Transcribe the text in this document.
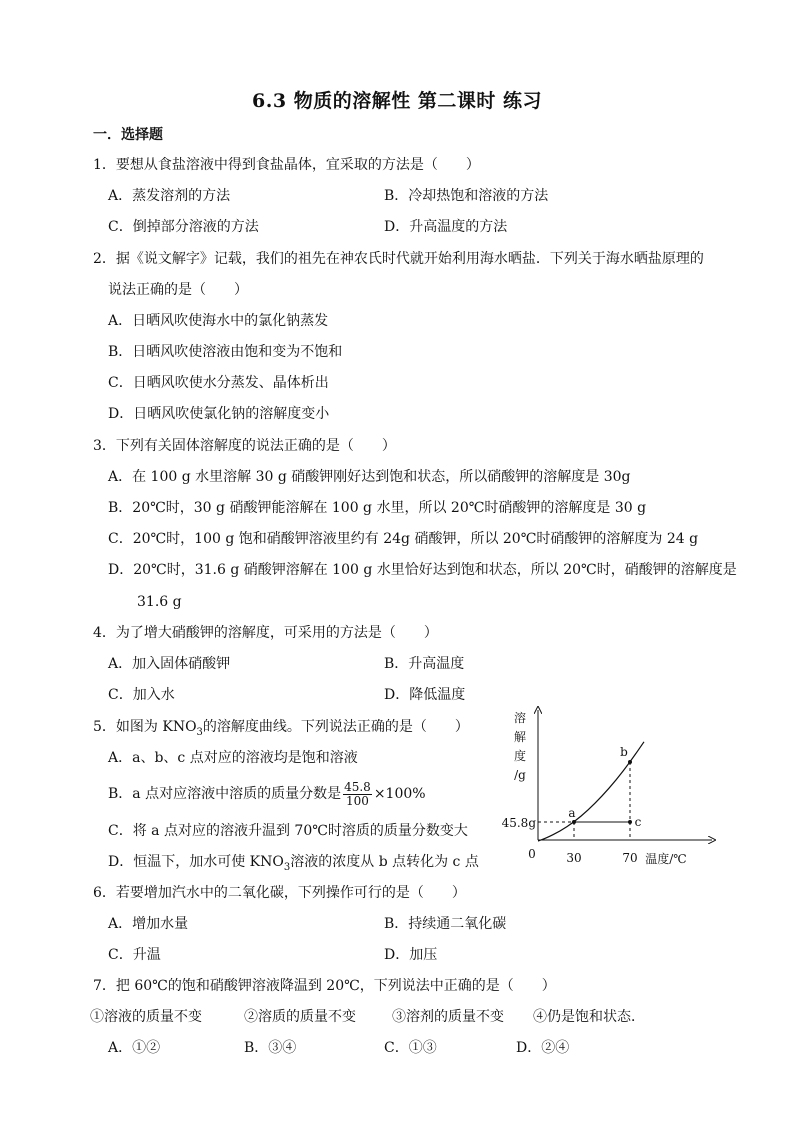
6.3 物质的溶解性 第二课时 练习
一．选择题
1．要想从食盐溶液中得到食盐晶体，宜采取的方法是（　　）
A．蒸发溶剂的方法	B．冷却热饱和溶液的方法
C．倒掉部分溶液的方法	D．升高温度的方法
2．据《说文解字》记载，我们的祖先在神农氏时代就开始利用海水晒盐．下列关于海水晒盐原理的
说法正确的是（　　）
A．日晒风吹使海水中的氯化钠蒸发
B．日晒风吹使溶液由饱和变为不饱和
C．日晒风吹使水分蒸发、晶体析出
D．日晒风吹使氯化钠的溶解度变小
3．下列有关固体溶解度的说法正确的是（　　）
A．在 100 g 水里溶解 30 g 硝酸钾刚好达到饱和状态，所以硝酸钾的溶解度是 30g
B．20℃时，30 g 硝酸钾能溶解在 100 g 水里，所以 20℃时硝酸钾的溶解度是 30 g
C．20℃时，100 g 饱和硝酸钾溶液里约有 24g 硝酸钾，所以 20℃时硝酸钾的溶解度为 24 g
D．20℃时，31.6 g 硝酸钾溶解在 100 g 水里恰好达到饱和状态，所以 20℃时，硝酸钾的溶解度是
31.6 g
4．为了增大硝酸钾的溶解度，可采用的方法是（　　）
A．加入固体硝酸钾	B．升高温度
C．加入水	D．降低温度
5．如图为 $KNO_3$的溶解度曲线。下列说法正确的是（　　）
A．a、b、c 点对应的溶液均是饱和溶液
B．a 点对应溶液中溶质的质量分数是 $\frac{45.8}{100} \times 100\%$
C．将 a 点对应的溶液升温到 70℃时溶质的质量分数变大
D．恒温下，加水可使 $KNO_3$溶液的浓度从 b 点转化为 c 点
6．若要增加汽水中的二氧化碳，下列操作可行的是（　　）
A．增加水量	B．持续通二氧化碳
C．升温	D．加压
7．把 60℃的饱和硝酸钾溶液降温到 20℃，下列说法中正确的是（　　）
①溶液的质量不变	②溶质的质量不变	③溶剂的质量不变 ④仍是饱和状态．
A．①②	B．③④	C．①③	D．②④
溶
解
度
/g
0	30	70 温度/℃
45.8g
a
b
c
